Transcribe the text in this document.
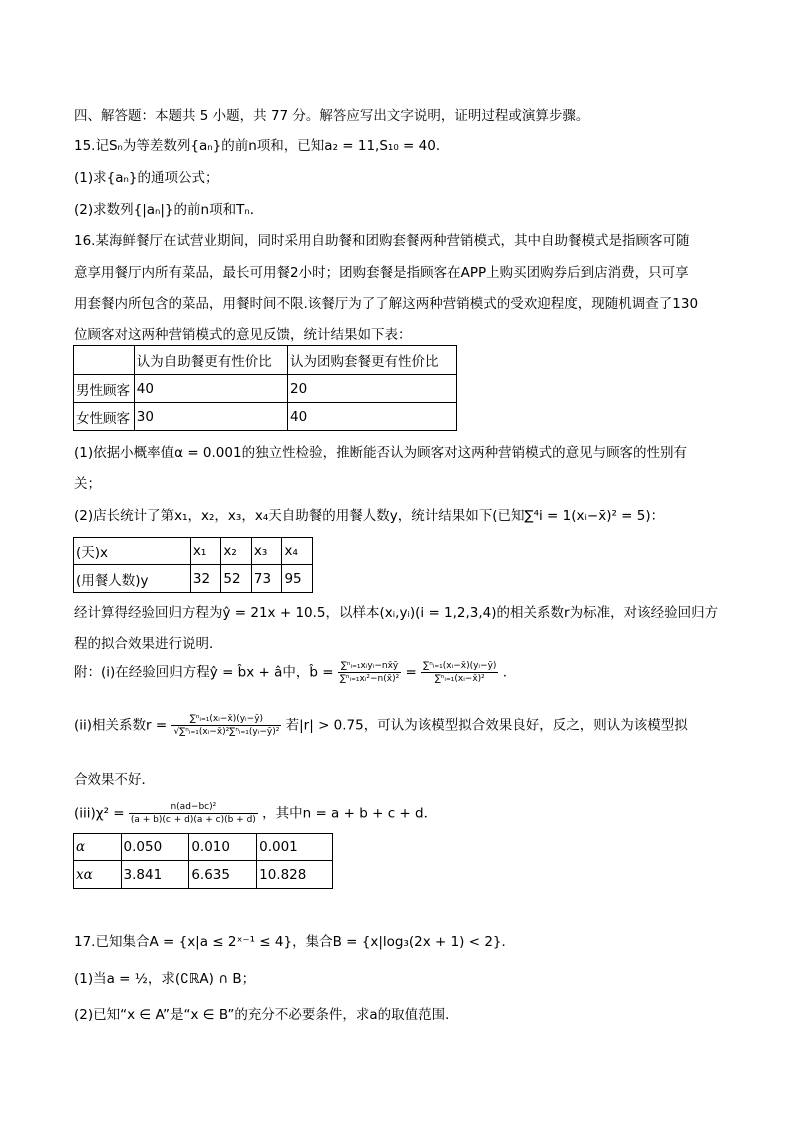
四、解答题：本题共 5 小题，共 77 分。解答应写出文字说明，证明过程或演算步骤。
15.记Sₙ为等差数列{aₙ}的前n项和，已知a₂ = 11,S₁₀ = 40．
(1)求{aₙ}的通项公式；
(2)求数列{|aₙ|}的前n项和Tₙ．
16.某海鲜餐厅在试营业期间，同时采用自助餐和团购套餐两种营销模式，其中自助餐模式是指顾客可随
意享用餐厅内所有菜品，最长可用餐2小时；团购套餐是指顾客在APP上购买团购券后到店消费，只可享
用套餐内所包含的菜品，用餐时间不限.该餐厅为了了解这两种营销模式的受欢迎程度，现随机调查了130
位顾客对这两种营销模式的意见反馈，统计结果如下表：
	认为自助餐更有性价比	认为团购套餐更有性价比
男性顾客	40	20
女性顾客	30	40
(1)依据小概率值α = 0.001的独立性检验，推断能否认为顾客对这两种营销模式的意见与顾客的性别有
关；
(2)店长统计了第x₁，x₂，x₃，x₄天自助餐的用餐人数y，统计结果如下(已知∑⁴i = 1(xᵢ−x̄)² = 5)：
(天)x	x₁	x₂	x₃	x₄
(用餐人数)y	32	52	73	95
经计算得经验回归方程为ŷ = 21x + 10.5，以样本(xᵢ,yᵢ)(i = 1,2,3,4)的相关系数r为标准，对该经验回归方
程的拟合效果进行说明．
附：(i)在经验回归方程ŷ = b̂x + â中，b̂ = $\frac{\text{∑ⁿᵢ₌₁xᵢyᵢ−nx̄ȳ}}{\text{∑ⁿᵢ₌₁xᵢ²−n(x̄)²}} = \frac{\text{∑ⁿᵢ₌₁(xᵢ−x̄)(yᵢ−ȳ)}}{\text{∑ⁿᵢ₌₁(xᵢ−x̄)²}}$ .
(ii)相关系数$r = \frac{\text{∑ⁿᵢ₌₁(xᵢ−x̄)(yᵢ−ȳ)}}{\text{√∑ⁿᵢ₌₁(xᵢ−x̄)²∑ⁿᵢ₌₁(yᵢ−ȳ)²}}$ 若|r| > 0.75，可认为该模型拟合效果良好，反之，则认为该模型拟
合效果不好．
$(iii)\chi^2 = \frac{\text{n(ad−bc)²}}{(a + b)(c + d)(a + c)(b + d)}$ ，其中n = a + b + c + d．
α	0.050	0.010	0.001
xα	3.841	6.635	10.828
17.已知集合A = {x|a ≤ 2ˣ⁻¹ ≤ 4}，集合B = {x|log₃(2x + 1) < 2}．
(1)当a = ½，求(∁ℝA) ∩ B；
(2)已知“x ∈ A”是“x ∈ B”的充分不必要条件，求a的取值范围．
